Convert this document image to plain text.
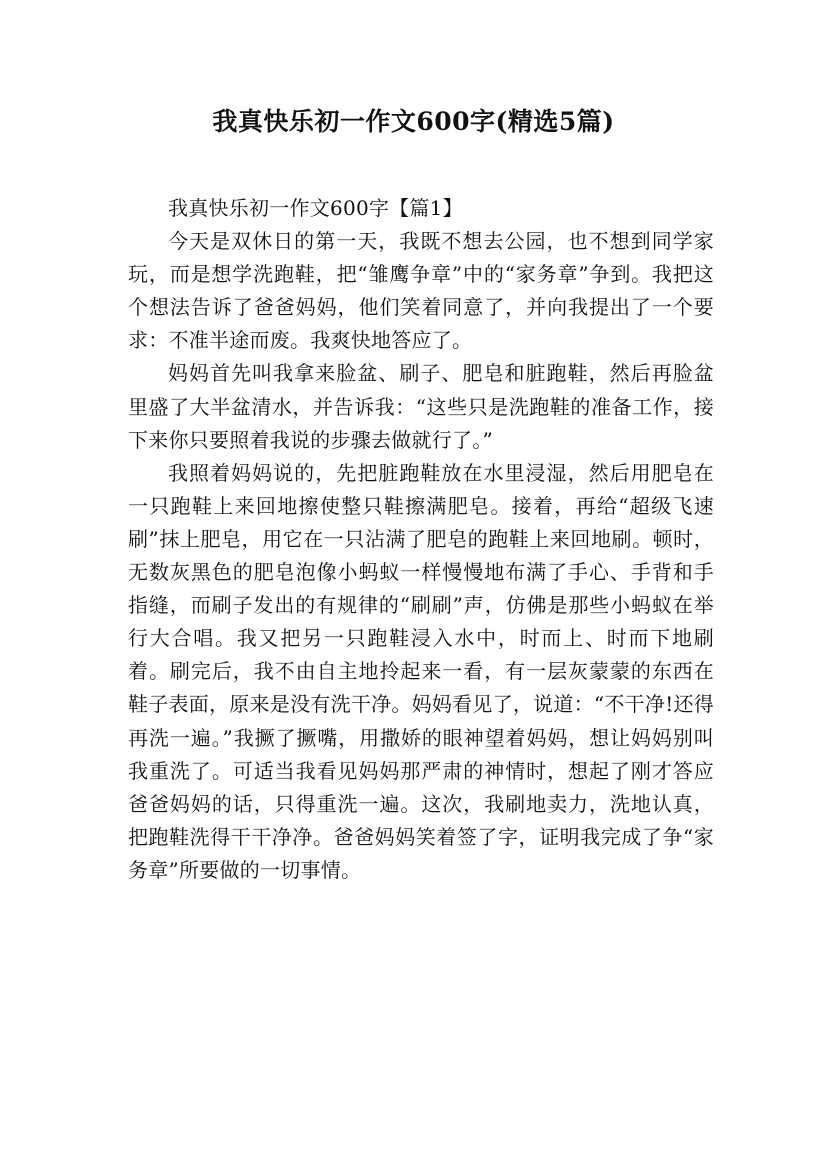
我真快乐初一作文600字(精选5篇)

我真快乐初一作文600字【篇1】

今天是双休日的第一天，我既不想去公园，也不想到同学家玩，而是想学洗跑鞋，把“雏鹰争章”中的“家务章”争到。我把这个想法告诉了爸爸妈妈，他们笑着同意了，并向我提出了一个要求：不准半途而废。我爽快地答应了。

妈妈首先叫我拿来脸盆、刷子、肥皂和脏跑鞋，然后再脸盆里盛了大半盆清水，并告诉我：“这些只是洗跑鞋的准备工作，接下来你只要照着我说的步骤去做就行了。”

我照着妈妈说的，先把脏跑鞋放在水里浸湿，然后用肥皂在一只跑鞋上来回地擦使整只鞋擦满肥皂。接着，再给“超级飞速刷”抹上肥皂，用它在一只沾满了肥皂的跑鞋上来回地刷。顿时，无数灰黑色的肥皂泡像小蚂蚁一样慢慢地布满了手心、手背和手指缝，而刷子发出的有规律的“刷刷”声，仿佛是那些小蚂蚁在举行大合唱。我又把另一只跑鞋浸入水中，时而上、时而下地刷着。刷完后，我不由自主地拎起来一看，有一层灰蒙蒙的东西在鞋子表面，原来是没有洗干净。妈妈看见了，说道：“不干净!还得再洗一遍。”我撅了撅嘴，用撒娇的眼神望着妈妈，想让妈妈别叫我重洗了。可适当我看见妈妈那严肃的神情时，想起了刚才答应爸爸妈妈的话，只得重洗一遍。这次，我刷地卖力，洗地认真，把跑鞋洗得干干净净。爸爸妈妈笑着签了字，证明我完成了争“家务章”所要做的一切事情。
